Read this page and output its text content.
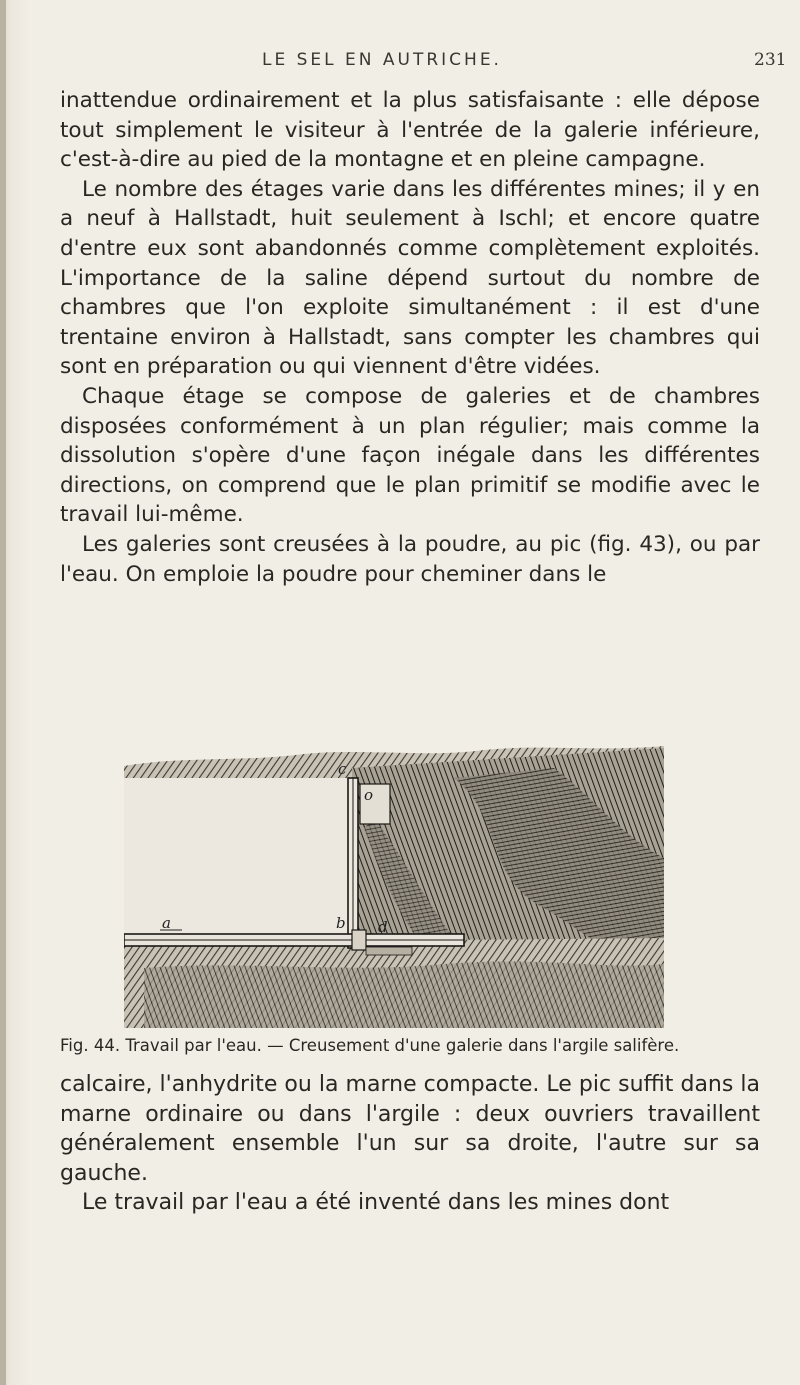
LE SEL EN AUTRICHE.	231

inattendue ordinairement et la plus satisfaisante : elle dépose tout simplement le visiteur à l'entrée de la galerie inférieure, c'est-à-dire au pied de la montagne et en pleine campagne.

Le nombre des étages varie dans les différentes mines; il y en a neuf à Hallstadt, huit seulement à Ischl; et encore quatre d'entre eux sont abandonnés comme complètement exploités. L'importance de la saline dépend surtout du nombre de chambres que l'on exploite simultanément : il est d'une trentaine environ à Hallstadt, sans compter les chambres qui sont en préparation ou qui viennent d'être vidées.

Chaque étage se compose de galeries et de chambres disposées conformément à un plan régulier; mais comme la dissolution s'opère d'une façon inégale dans les différentes directions, on comprend que le plan primitif se modifie avec le travail lui-même.

Les galeries sont creusées à la poudre, au pic (fig. 43), ou par l'eau. On emploie la poudre pour cheminer dans le

c
o
a	b d
Fig. 44. Travail par l'eau. — Creusement d'une galerie dans l'argile salifère.

calcaire, l'anhydrite ou la marne compacte. Le pic suffit dans la marne ordinaire ou dans l'argile : deux ouvriers travaillent généralement ensemble l'un sur sa droite, l'autre sur sa gauche.

Le travail par l'eau a été inventé dans les mines dont
